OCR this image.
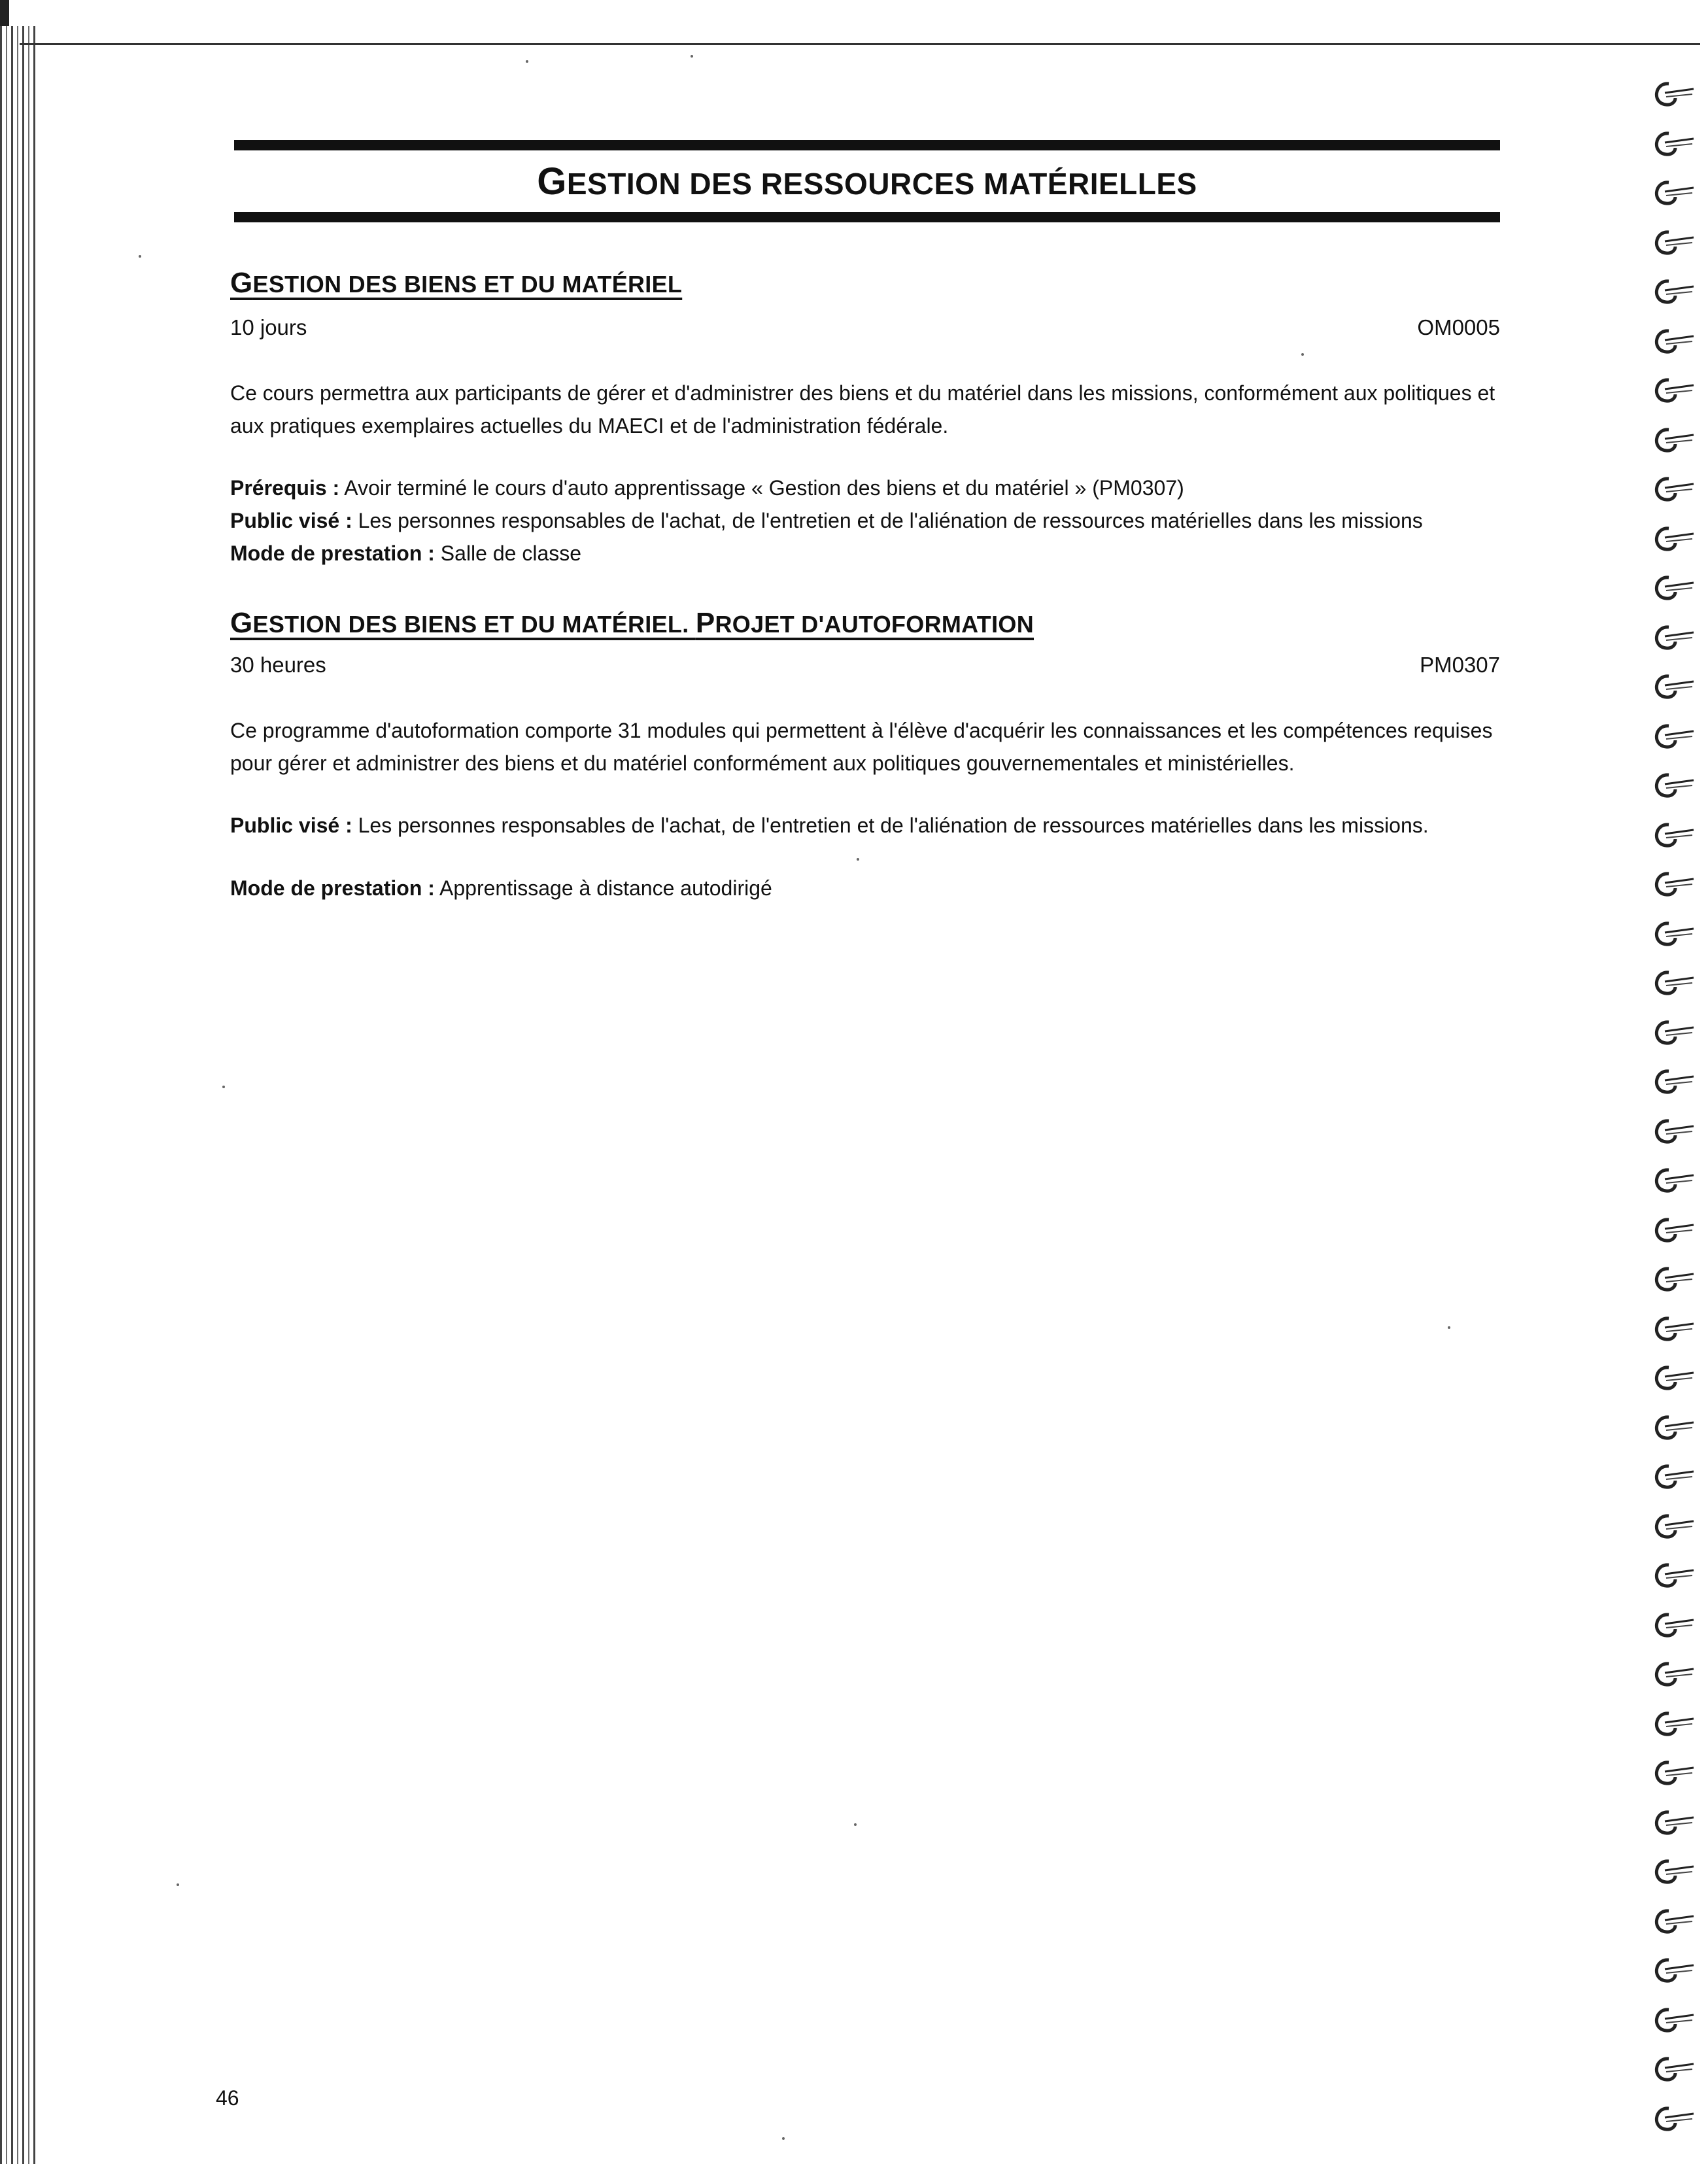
GESTION DES RESSOURCES MATÉRIELLES
GESTION DES BIENS ET DU MATÉRIEL
10 jours	OM0005

Ce cours permettra aux participants de gérer et d'administrer des biens et du matériel dans les missions, conformément aux politiques et aux pratiques exemplaires actuelles du MAECI et de l'administration fédérale.

Prérequis : Avoir terminé le cours d'auto apprentissage « Gestion des biens et du matériel » (PM0307)

Public visé : Les personnes responsables de l'achat, de l'entretien et de l'aliénation de ressources matérielles dans les missions

Mode de prestation : Salle de classe

GESTION DES BIENS ET DU MATÉRIEL. PROJET D'AUTOFORMATION
30 heures	PM0307

Ce programme d'autoformation comporte 31 modules qui permettent à l'élève d'acquérir les connaissances et les compétences requises pour gérer et administrer des biens et du matériel conformément aux politiques gouvernementales et ministérielles.

Public visé : Les personnes responsables de l'achat, de l'entretien et de l'aliénation de ressources matérielles dans les missions.

Mode de prestation : Apprentissage à distance autodirigé

46
